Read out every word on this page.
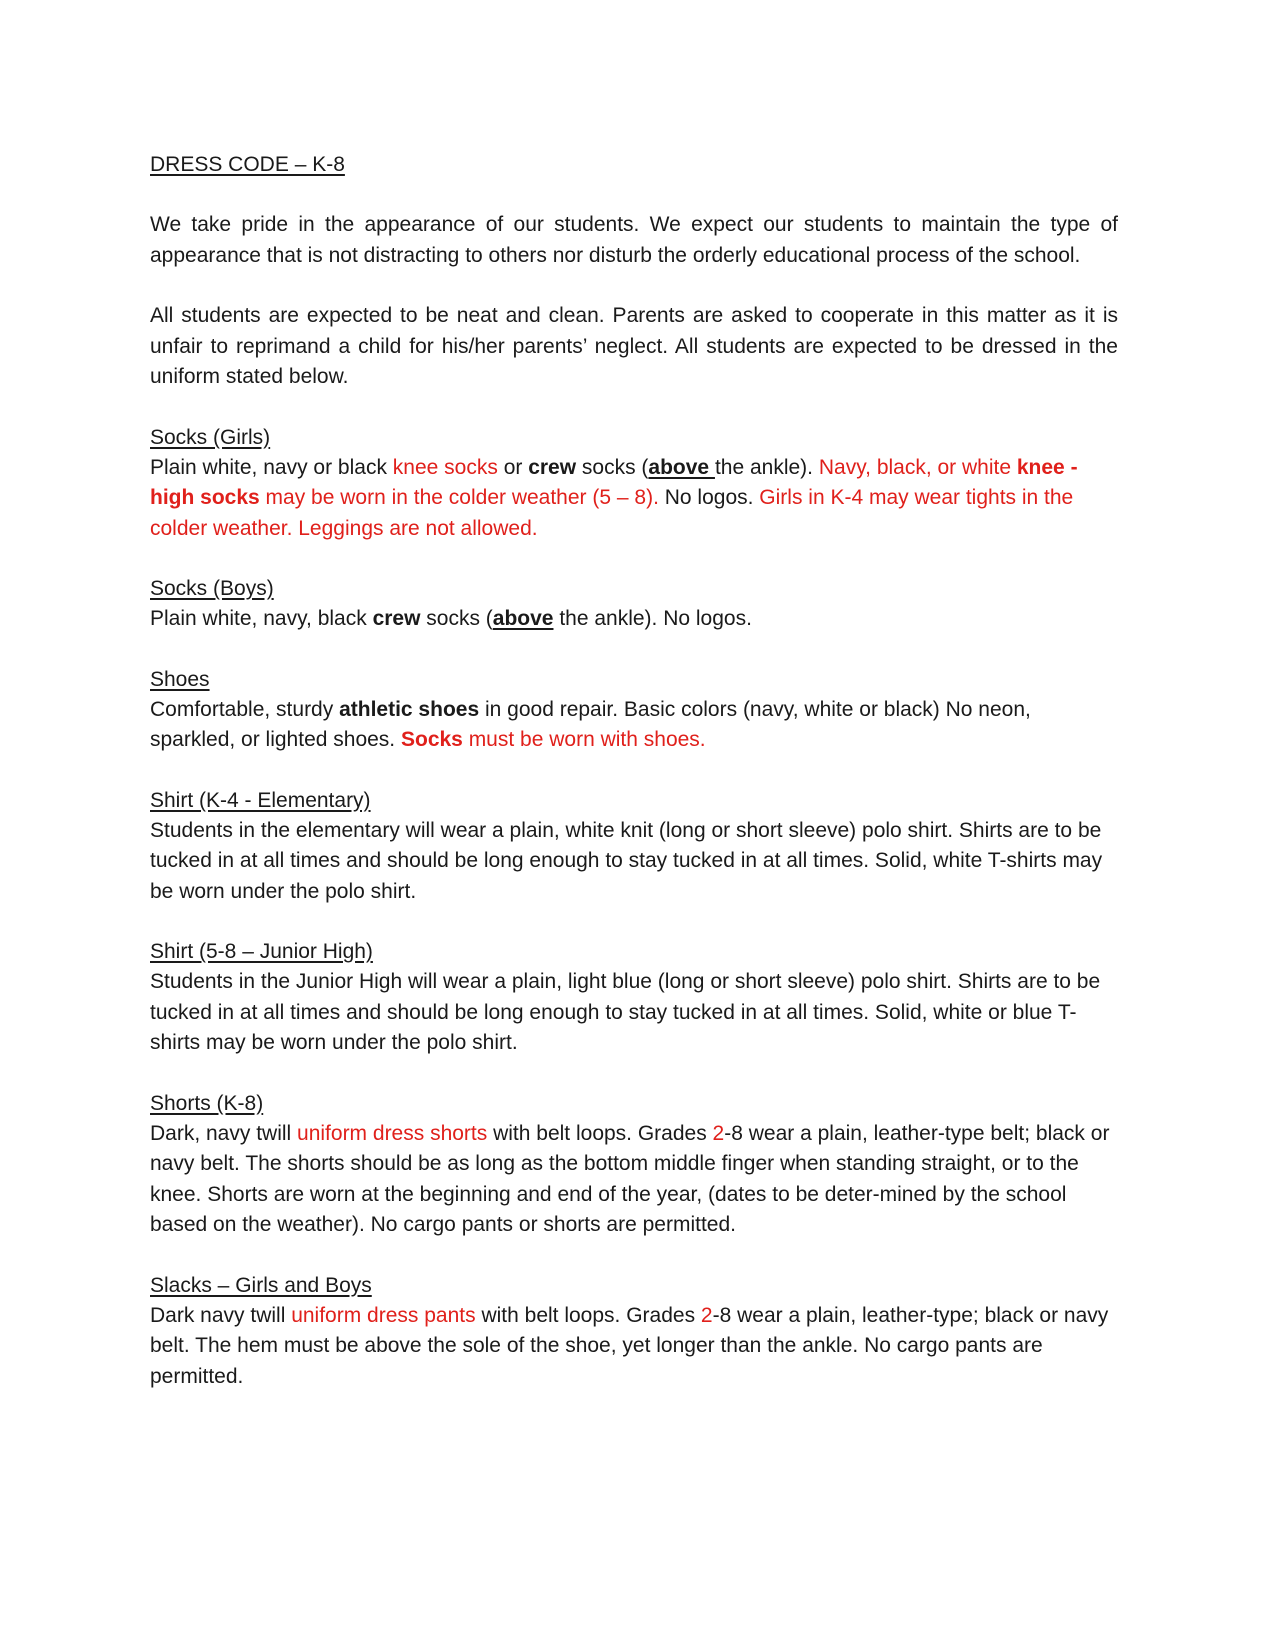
DRESS CODE – K-8

We take pride in the appearance of our students. We expect our students to maintain the type of appearance that is not distracting to others nor disturb the orderly educational process of the school.

All students are expected to be neat and clean. Parents are asked to cooperate in this matter as it is unfair to reprimand a child for his/her parents’ neglect. All students are expected to be dressed in the uniform stated below.

Socks (Girls)

Plain white, navy or black knee socks or crew socks (above the ankle). Navy, black, or white knee -high socks may be worn in the colder weather (5 – 8). No logos. Girls in K-4 may wear tights in the colder weather. Leggings are not allowed.

Socks (Boys)

Plain white, navy, black crew socks (above the ankle). No logos.

Shoes

Comfortable, sturdy athletic shoes in good repair. Basic colors (navy, white or black) No neon, sparkled, or lighted shoes. Socks must be worn with shoes.

Shirt (K-4 - Elementary)

Students in the elementary will wear a plain, white knit (long or short sleeve) polo shirt. Shirts are to be tucked in at all times and should be long enough to stay tucked in at all times. Solid, white T-shirts may be worn under the polo shirt.

Shirt (5-8 – Junior High)

Students in the Junior High will wear a plain, light blue (long or short sleeve) polo shirt. Shirts are to be tucked in at all times and should be long enough to stay tucked in at all times. Solid, white or blue T-shirts may be worn under the polo shirt.

Shorts (K-8)

Dark, navy twill uniform dress shorts with belt loops. Grades 2-8 wear a plain, leather-type belt; black or navy belt. The shorts should be as long as the bottom middle finger when standing straight, or to the knee. Shorts are worn at the beginning and end of the year, (dates to be deter-mined by the school based on the weather). No cargo pants or shorts are permitted.

Slacks – Girls and Boys

Dark navy twill uniform dress pants with belt loops. Grades 2-8 wear a plain, leather-type; black or navy belt. The hem must be above the sole of the shoe, yet longer than the ankle. No cargo pants are permitted.
